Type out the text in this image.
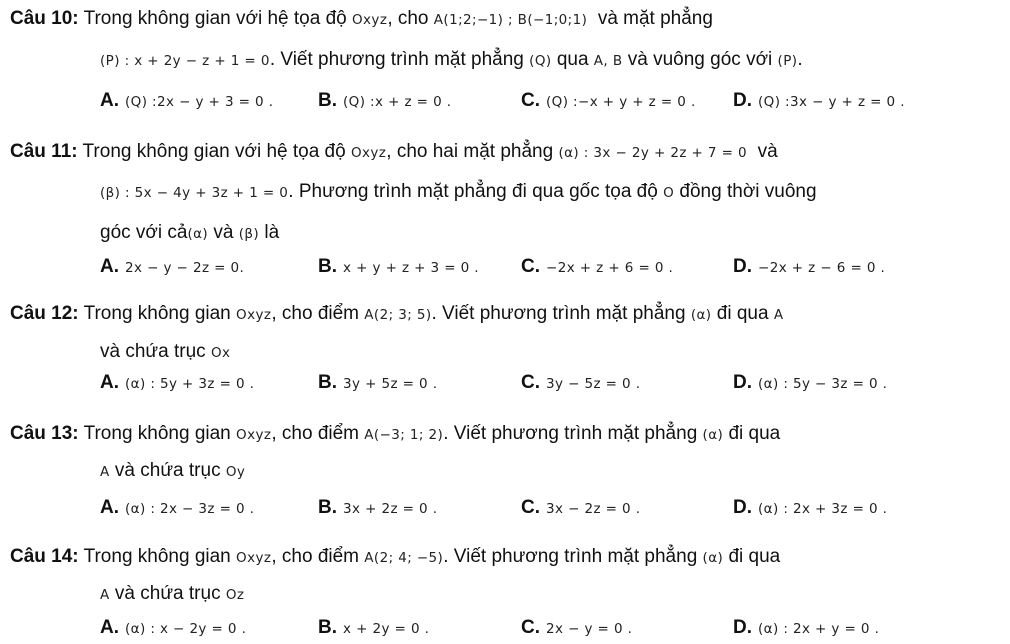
Câu 10: Trong không gian với hệ tọa độ Oxyz, cho A(1;2;−1) ; B(−1;0;1) và mặt phẳng
(P) : x + 2y − z + 1 = 0. Viết phương trình mặt phẳng (Q) qua A, B và vuông góc với (P).
A. (Q) :2x − y + 3 = 0 . B. (Q) :x + z = 0 .	C. (Q) :−x + y + z = 0 . D. (Q) :3x − y + z = 0 .
Câu 11: Trong không gian với hệ tọa độ Oxyz, cho hai mặt phẳng (α) : 3x − 2y + 2z + 7 = 0 và
(β) : 5x − 4y + 3z + 1 = 0. Phương trình mặt phẳng đi qua gốc tọa độ O đồng thời vuông
góc với cả(α) và (β) là
A. 2x − y − 2z = 0.	B. x + y + z + 3 = 0 . C. −2x + z + 6 = 0 .	D. −2x + z − 6 = 0 .
Câu 12: Trong không gian Oxyz, cho điểm A(2; 3; 5). Viết phương trình mặt phẳng (α) đi qua A
và chứa trục Ox
A. (α) : 5y + 3z = 0 .	B. 3y + 5z = 0 .	C. 3y − 5z = 0 .	D. (α) : 5y − 3z = 0 .
Câu 13: Trong không gian Oxyz, cho điểm A(−3; 1; 2). Viết phương trình mặt phẳng (α) đi qua
A và chứa trục Oy
A. (α) : 2x − 3z = 0 .	B. 3x + 2z = 0 .	C. 3x − 2z = 0 .	D. (α) : 2x + 3z = 0 .
Câu 14: Trong không gian Oxyz, cho điểm A(2; 4; −5). Viết phương trình mặt phẳng (α) đi qua
A và chứa trục Oz
A. (α) : x − 2y = 0 .	B. x + 2y = 0 .	C. 2x − y = 0 .	D. (α) : 2x + y = 0 .
